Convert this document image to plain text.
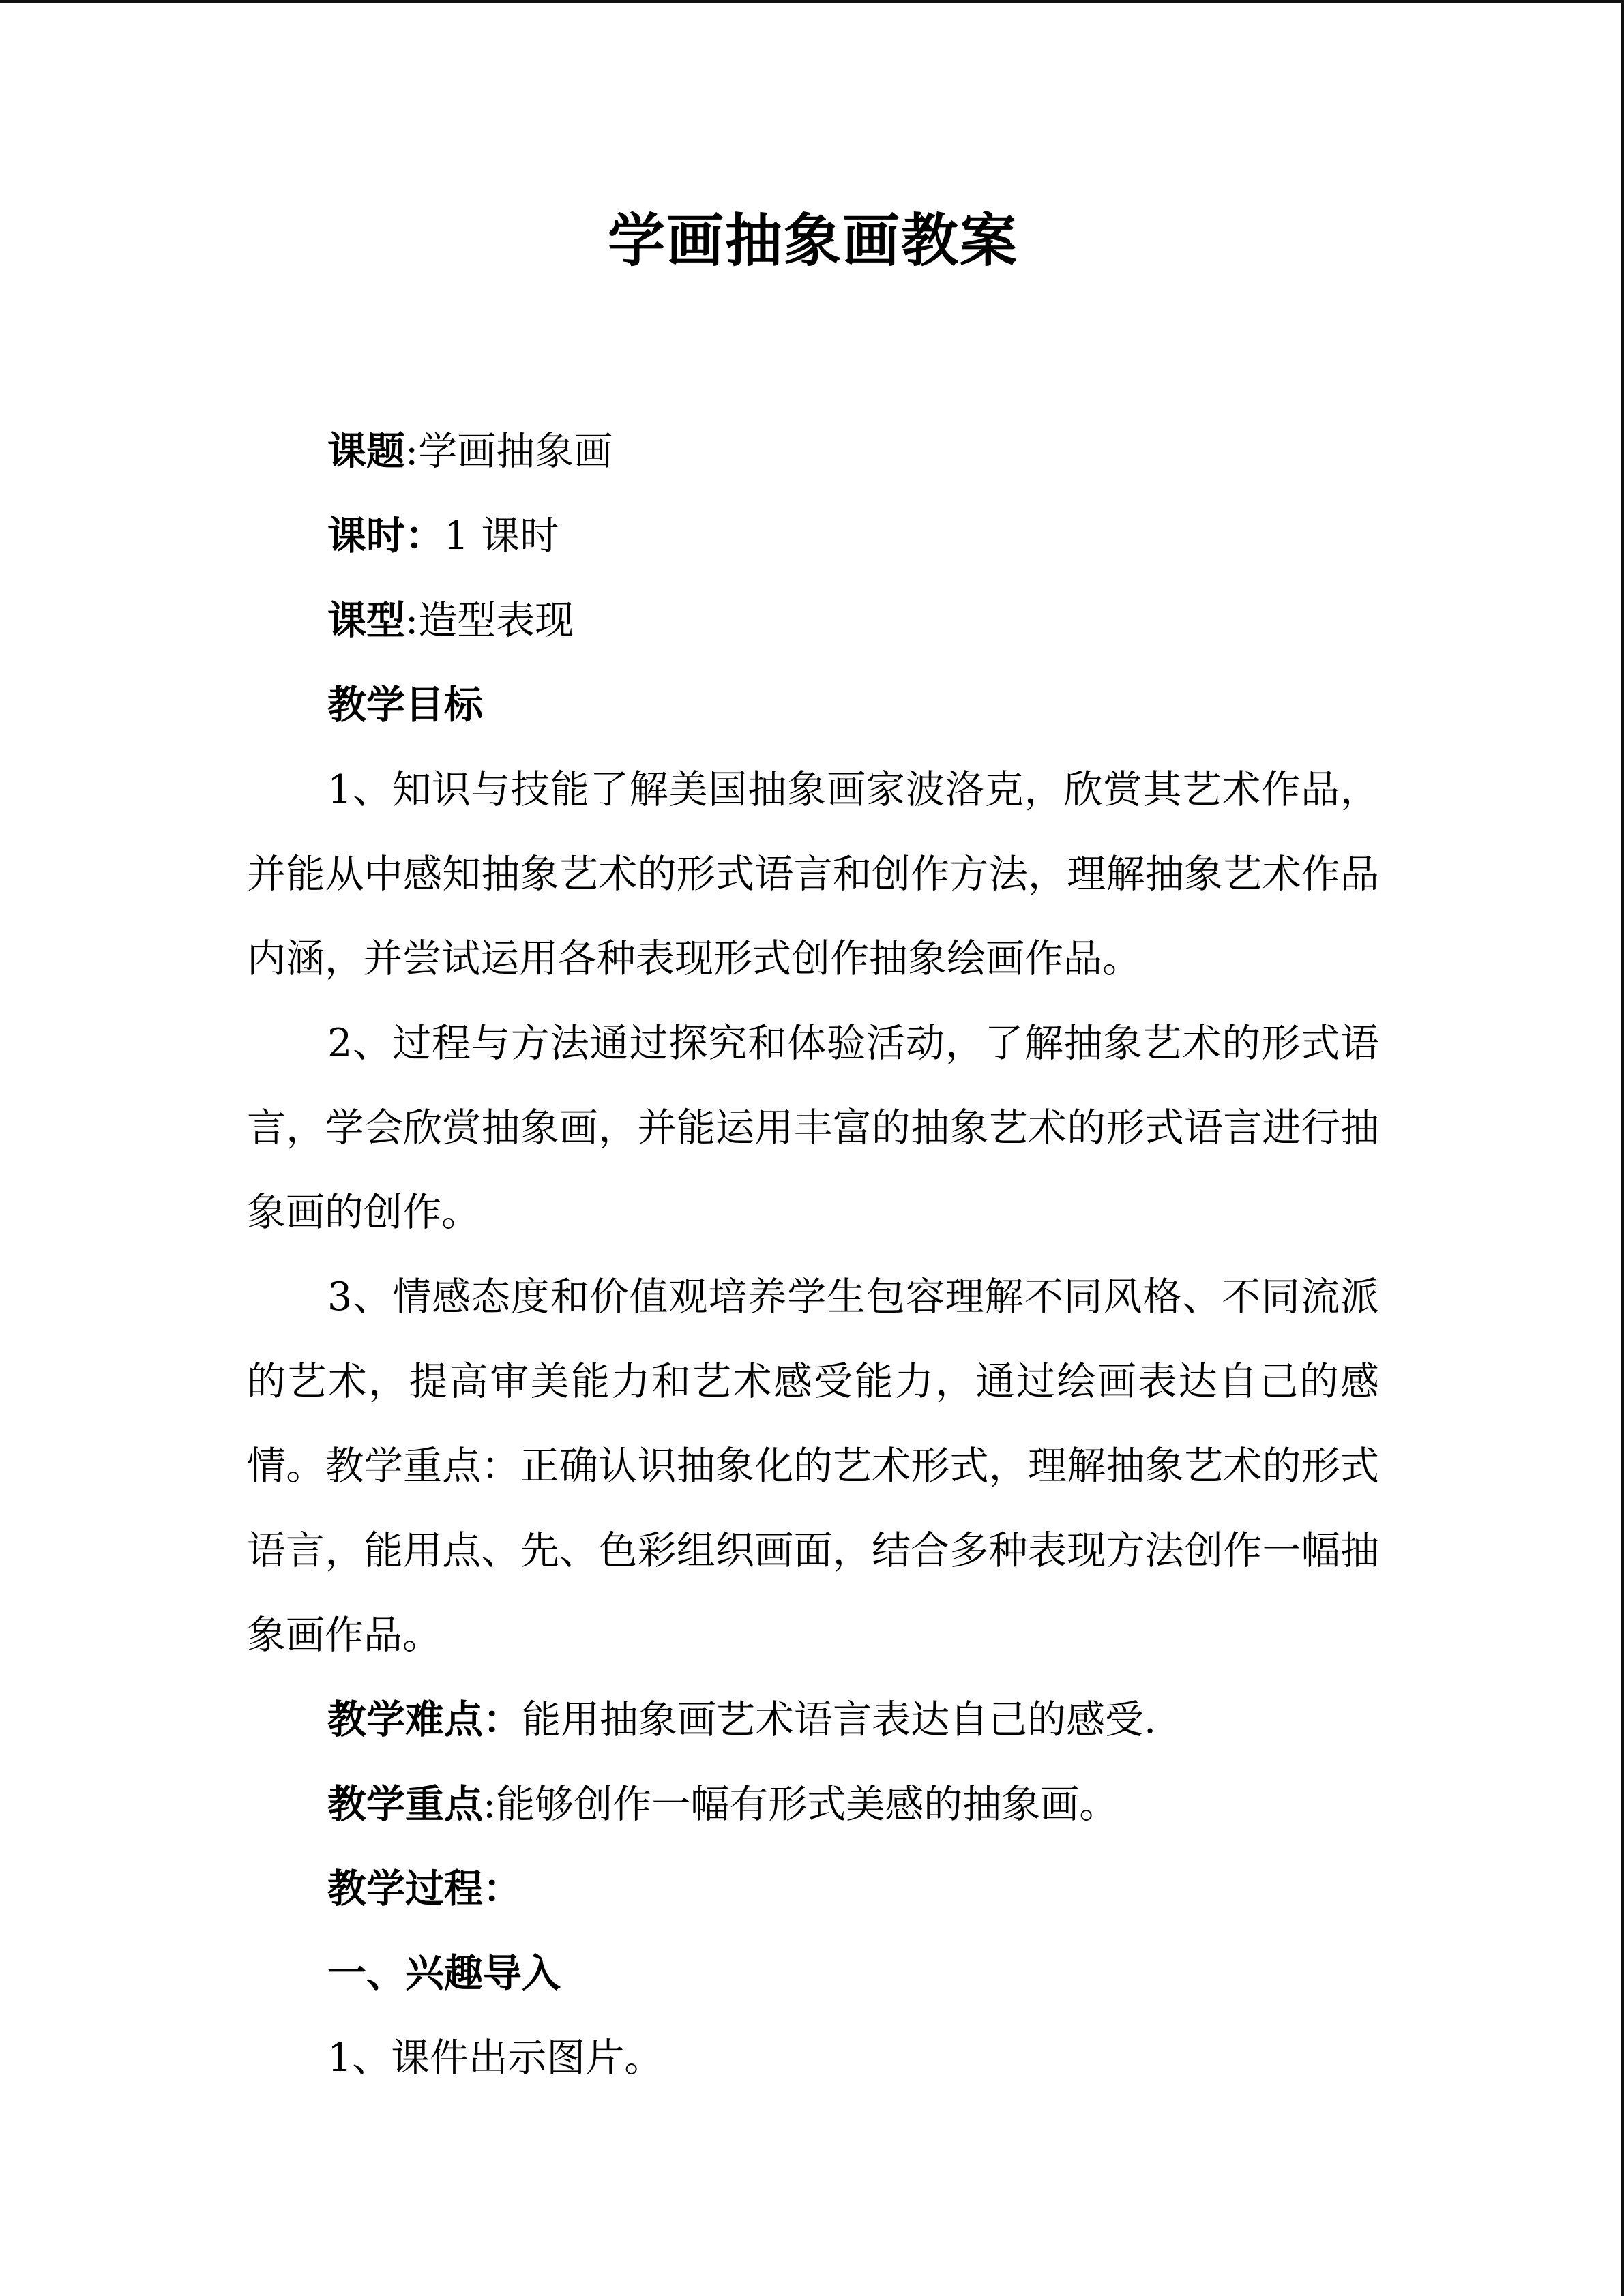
学画抽象画教案

课题:学画抽象画

课时：1 课时

课型:造型表现

教学目标

1、知识与技能了解美国抽象画家波洛克，欣赏其艺术作品，并能从中感知抽象艺术的形式语言和创作方法，理解抽象艺术作品内涵，并尝试运用各种表现形式创作抽象绘画作品。

2、过程与方法通过探究和体验活动，了解抽象艺术的形式语言，学会欣赏抽象画，并能运用丰富的抽象艺术的形式语言进行抽象画的创作。

3、情感态度和价值观培养学生包容理解不同风格、不同流派的艺术，提高审美能力和艺术感受能力，通过绘画表达自己的感情。教学重点：正确认识抽象化的艺术形式，理解抽象艺术的形式语言，能用点、先、色彩组织画面，结合多种表现方法创作一幅抽象画作品。

教学难点：能用抽象画艺术语言表达自己的感受.

教学重点:能够创作一幅有形式美感的抽象画。

教学过程：

一、兴趣导入

1、课件出示图片。
